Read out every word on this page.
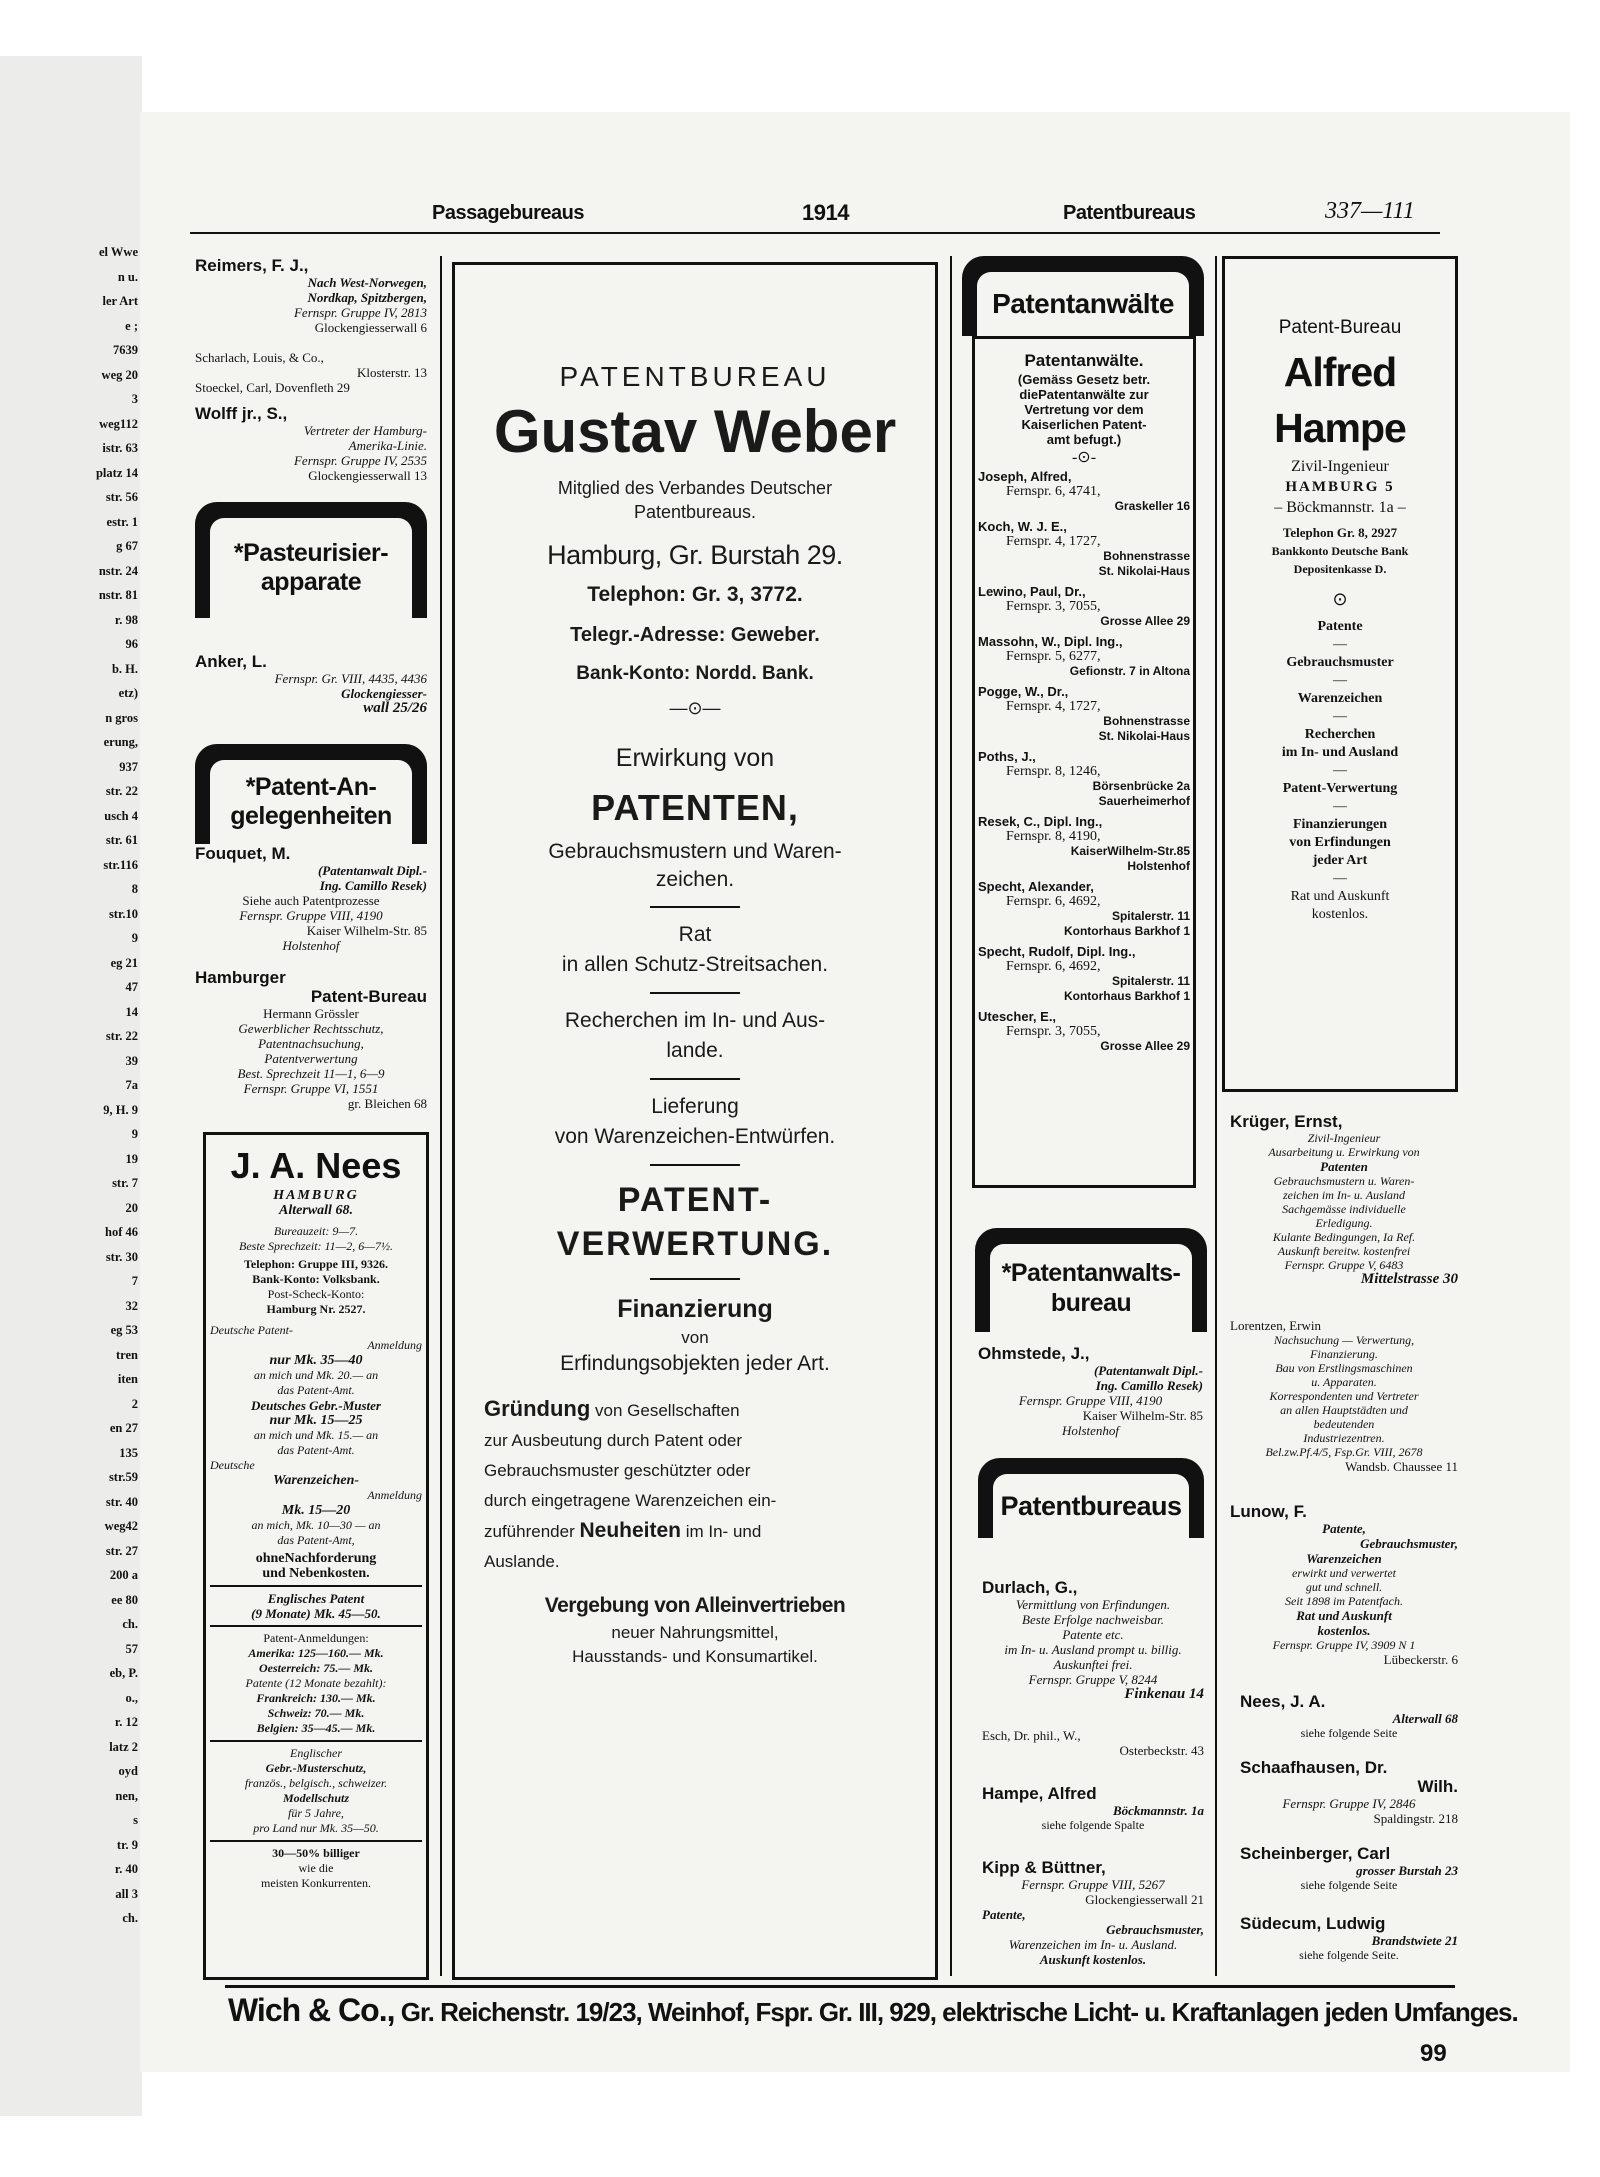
el Wwe
n u.
ler Art
e ;
7639
weg 20
3
weg112
istr. 63
platz 14
str. 56
estr. 1
g 67
nstr. 24
nstr. 81
r. 98
96
b. H.
etz)
n gros
erung,
937
str. 22
usch 4
str. 61
str.116
8
str.10
9
eg 21
47
14
str. 22
39
7a
9, H. 9
9
19
str. 7
20
hof 46
str. 30
7
32
eg 53
tren
iten
2
en 27
135
str.59
str. 40
weg42
str. 27
200 a
ee 80
ch.
57
eb, P.
o.,
r. 12
latz 2
oyd
nen,
s
tr. 9
r. 40
all 3
ch.
Passagebureaus	1914	Patentbureaus	337—111
Reimers, F. J.,
Nach West-Norwegen,
Nordkap, Spitzbergen,
Fernspr. Gruppe IV, 2813
Glockengiesserwall 6
Scharlach, Louis, & Co.,
Klosterstr. 13
Stoeckel, Carl, Dovenfleth 29
Wolff jr., S.,
Vertreter der Hamburg-
Amerika-Linie.
Fernspr. Gruppe IV, 2535
Glockengiesserwall 13
*Pasteurisier-
apparate
Anker, L.
Fernspr. Gr. VIII, 4435, 4436
Glockengiesser-
wall 25/26
*Patent-An-
gelegenheiten
Fouquet, M.
(Patentanwalt Dipl.-
Ing. Camillo Resek)
Siehe auch Patentprozesse
Fernspr. Gruppe VIII, 4190
Kaiser Wilhelm-Str. 85
Holstenhof
Hamburger
Patent-Bureau
Hermann Grössler
Gewerblicher Rechtsschutz,
Patentnachsuchung,
Patentverwertung
Best. Sprechzeit 11—1, 6—9
Fernspr. Gruppe VI, 1551
gr. Bleichen 68
J. A. Nees
HAMBURG
Alterwall 68.
Bureauzeit: 9—7.
Beste Sprechzeit: 11—2, 6—7½.
Telephon: Gruppe III, 9326.
Bank-Konto: Volksbank.
Post-Scheck-Konto:
Hamburg Nr. 2527.
Deutsche Patent-
Anmeldung
nur Mk. 35—40
an mich und Mk. 20.— an
das Patent-Amt.
Deutsches Gebr.-Muster
nur Mk. 15—25
an mich und Mk. 15.— an
das Patent-Amt.
Deutsche
Warenzeichen-
Anmeldung
Mk. 15—20
an mich, Mk. 10—30 — an
das Patent-Amt,
ohneNachforderung
und Nebenkosten.
Englisches Patent
(9 Monate) Mk. 45—50.
Patent-Anmeldungen:
Amerika: 125—160.— Mk.
Oesterreich: 75.— Mk.
Patente (12 Monate bezahlt):
Frankreich: 130.— Mk.
Schweiz: 70.— Mk.
Belgien: 35—45.— Mk.
Englischer
Gebr.-Musterschutz,
französ., belgisch., schweizer.
Modellschutz
für 5 Jahre,
pro Land nur Mk. 35—50.
30—50% billiger
wie die
meisten Konkurrenten.
PATENTBUREAU
Gustav Weber
Mitglied des Verbandes Deutscher
Patentbureaus.
Hamburg, Gr. Burstah 29.
Telephon: Gr. 3, 3772.
Telegr.-Adresse: Geweber.
Bank-Konto: Nordd. Bank.
—⊙—
Erwirkung von
PATENTEN,
Gebrauchsmustern und Waren-
zeichen.
Rat
in allen Schutz-Streitsachen.
Recherchen im In- und Aus-
lande.
Lieferung
von Warenzeichen-Entwürfen.
PATENT-
VERWERTUNG.
Finanzierung
von
Erfindungsobjekten jeder Art.
Gründung von Gesellschaften
zur Ausbeutung durch Patent oder
Gebrauchsmuster geschützter oder
durch eingetragene Warenzeichen ein-
zuführender Neuheiten im In- und
Auslande.
Vergebung von Alleinvertrieben
neuer Nahrungsmittel,
Hausstands- und Konsumartikel.
Patentanwälte
Patentanwälte.
(Gemäss Gesetz betr.
diePatentanwälte zur
Vertretung vor dem
Kaiserlichen Patent-
amt befugt.)
-⊙-
Joseph, Alfred,
Fernspr. 6, 4741,
Graskeller 16
Koch, W. J. E.,
Fernspr. 4, 1727,
Bohnenstrasse
St. Nikolai-Haus
Lewino, Paul, Dr.,
Fernspr. 3, 7055,
Grosse Allee 29
Massohn, W., Dipl. Ing.,
Fernspr. 5, 6277,
Gefionstr. 7 in Altona
Pogge, W., Dr.,
Fernspr. 4, 1727,
Bohnenstrasse
St. Nikolai-Haus
Poths, J.,
Fernspr. 8, 1246,
Börsenbrücke 2a
Sauerheimerhof
Resek, C., Dipl. Ing.,
Fernspr. 8, 4190,
KaiserWilhelm-Str.85
Holstenhof
Specht, Alexander,
Fernspr. 6, 4692,
Spitalerstr. 11
Kontorhaus Barkhof 1
Specht, Rudolf, Dipl. Ing.,
Fernspr. 6, 4692,
Spitalerstr. 11
Kontorhaus Barkhof 1
Utescher, E.,
Fernspr. 3, 7055,
Grosse Allee 29
*Patentanwalts-
bureau
Ohmstede, J.,
(Patentanwalt Dipl.-
Ing. Camillo Resek)
Fernspr. Gruppe VIII, 4190
Kaiser Wilhelm-Str. 85
Holstenhof
Patentbureaus
Durlach, G.,
Vermittlung von Erfindungen.
Beste Erfolge nachweisbar.
Patente etc.
im In- u. Ausland prompt u. billig.
Auskunftei frei.
Fernspr. Gruppe V, 8244
Finkenau 14
Esch, Dr. phil., W.,
Osterbeckstr. 43
Hampe, Alfred
Böckmannstr. 1a
siehe folgende Spalte
Kipp & Büttner,
Fernspr. Gruppe VIII, 5267
Glockengiesserwall 21
Patente,
Gebrauchsmuster,
Warenzeichen im In- u. Ausland.
Auskunft kostenlos.
Patent-Bureau
Alfred Hampe
Zivil-Ingenieur
HAMBURG 5
– Böckmannstr. 1a –
Telephon Gr. 8, 2927
Bankkonto Deutsche Bank
Depositenkasse D.
⊙
Patente
—
Gebrauchsmuster
—
Warenzeichen
—
Recherchen
im In- und Ausland
—
Patent-Verwertung
—
Finanzierungen
von Erfindungen
jeder Art
—
Rat und Auskunft
kostenlos.
Krüger, Ernst,
Zivil-Ingenieur
Ausarbeitung u. Erwirkung von
Patenten
Gebrauchsmustern u. Waren-
zeichen im In- u. Ausland
Sachgemässe individuelle
Erledigung.
Kulante Bedingungen, Ia Ref.
Auskunft bereitw. kostenfrei
Fernspr. Gruppe V, 6483
Mittelstrasse 30
Lorentzen, Erwin
Nachsuchung — Verwertung,
Finanzierung.
Bau von Erstlingsmaschinen
u. Apparaten.
Korrespondenten und Vertreter
an allen Hauptstädten und
bedeutenden
Industriezentren.
Bel.zw.Pf.4/5, Fsp.Gr. VIII, 2678
Wandsb. Chaussee 11
Lunow, F.
Patente,
Gebrauchsmuster,
Warenzeichen
erwirkt und verwertet
gut und schnell.
Seit 1898 im Patentfach.
Rat und Auskunft
kostenlos.
Fernspr. Gruppe IV, 3909 N 1
Lübeckerstr. 6
Nees, J. A.
Alterwall 68
siehe folgende Seite
Schaafhausen, Dr.
Wilh.
Fernspr. Gruppe IV, 2846
Spaldingstr. 218
Scheinberger, Carl
grosser Burstah 23
siehe folgende Seite
Südecum, Ludwig
Brandstwiete 21
siehe folgende Seite.
Wich & Co., Gr. Reichenstr. 19/23, Weinhof, Fspr. Gr. III, 929, elektrische Licht- u. Kraftanlagen jeden Umfanges.
99
